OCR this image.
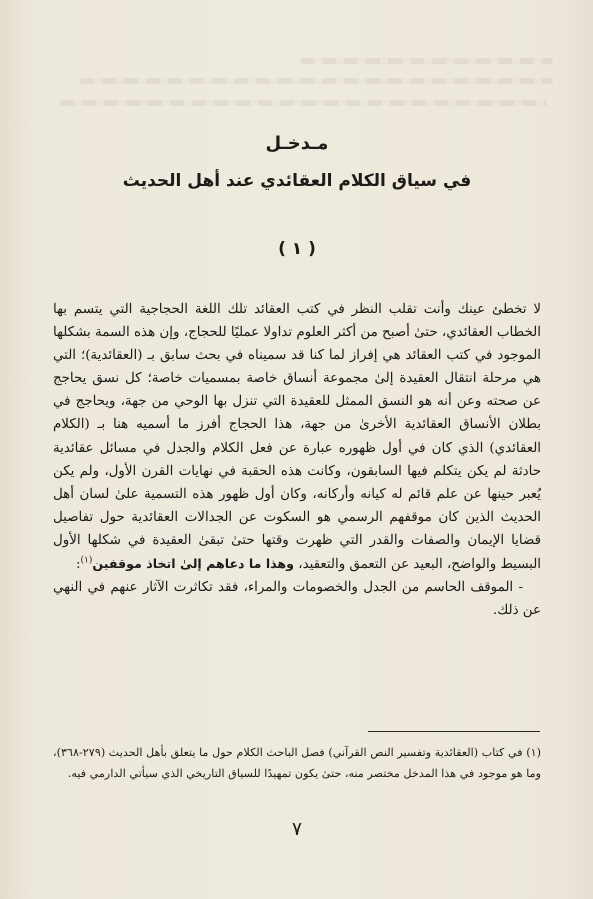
مـدخـل
في سياق الكلام العقائدي عند أهل الحديث
( ١ )

لا تخطئ عينك وأنت تقلب النظر في كتب العقائد تلك اللغة الحجاجية التي يتسم بها الخطاب العقائدي، حتىٰ أصبح من أكثر العلوم تداولا عمليًا للحجاج، وإن هذه السمة بشكلها الموجود في كتب العقائد هي إفراز لما كنا قد سميناه في بحث سابق بـ (العقائدية)؛ التي هي مرحلة انتقال العقيدة إلىٰ مجموعة أنساق خاصة بمسميات خاصة؛ كل نسق يحاجج عن صحته وعن أنه هو النسق الممثل للعقيدة التي تنزل بها الوحي من جهة، ويحاجج في بطلان الأنساق العقائدية الأخرىٰ من جهة، هذا الحجاج أفرز ما أسميه هنا بـ (الكلام العقائدي) الذي كان في أول ظهوره عبارة عن فعل الكلام والجدل في مسائل عقائدية حادثة لم يكن يتكلم فيها السابقون، وكانت هذه الحقبة في نهايات القرن الأول، ولم يكن يُعبر حينها عن علم قائم له كيانه وأركانه، وكان أول ظهور هذه التسمية علىٰ لسان أهل الحديث الذين كان موقفهم الرسمي هو السكوت عن الجدالات العقائدية حول تفاصيل قضايا الإيمان والصفات والقدر التي ظهرت وقتها حتىٰ تبقىٰ العقيدة في شكلها الأول البسيط والواضح، البعيد عن التعمق والتعقيد، وهذا ما دعاهم إلىٰ اتخاذ موقفين$^{(١)}$:

- الموقف الحاسم من الجدل والخصومات والمراء، فقد تكاثرت الآثار عنهم في النهي عن ذلك.

(١) في كتاب (العقائدية وتفسير النص القرآني) فصل الباحث الكلام حول ما يتعلق بأهل الحديث (٢٧٩-٣٦٨)، وما هو موجود في هذا المدخل مختصر منه، حتىٰ يكون تمهيدًا للسياق التاريخي الذي سيأتي الدارمي فيه.

٧
